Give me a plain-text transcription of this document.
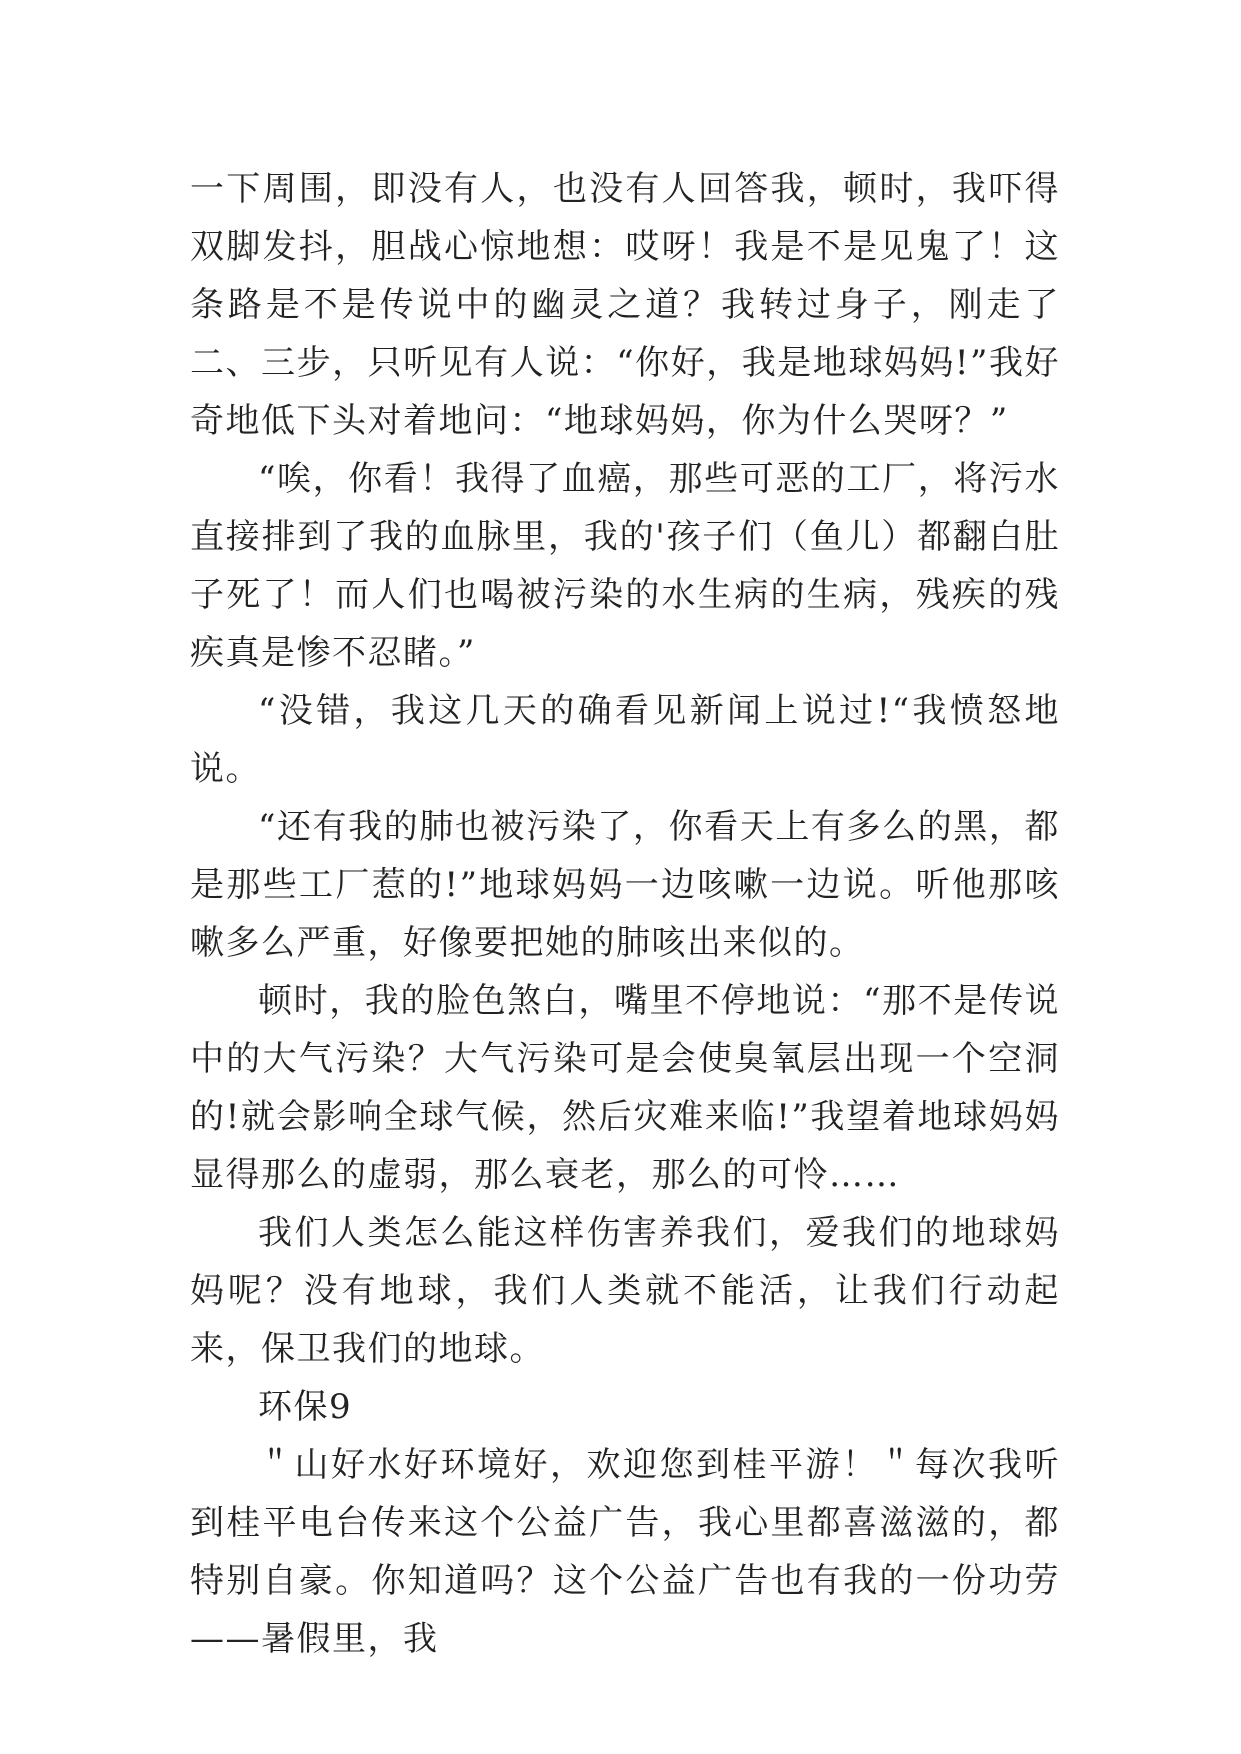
一下周围，即没有人，也没有人回答我，顿时，我吓得双脚发抖，胆战心惊地想：哎呀！我是不是见鬼了！这条路是不是传说中的幽灵之道？我转过身子，刚走了二、三步，只听见有人说：“你好，我是地球妈妈!”我好奇地低下头对着地问：“地球妈妈，你为什么哭呀？”

“唉，你看！我得了血癌，那些可恶的工厂，将污水直接排到了我的血脉里，我的'孩子们（鱼儿）都翻白肚子死了！而人们也喝被污染的水生病的生病，残疾的残疾真是惨不忍睹。”

“没错，我这几天的确看见新闻上说过!“我愤怒地说。

“还有我的肺也被污染了，你看天上有多么的黑，都是那些工厂惹的!”地球妈妈一边咳嗽一边说。听他那咳嗽多么严重，好像要把她的肺咳出来似的。

顿时，我的脸色煞白，嘴里不停地说：“那不是传说中的大气污染？大气污染可是会使臭氧层出现一个空洞的!就会影响全球气候，然后灾难来临!”我望着地球妈妈显得那么的虚弱，那么衰老，那么的可怜……

我们人类怎么能这样伤害养我们，爱我们的地球妈妈呢？没有地球，我们人类就不能活，让我们行动起来，保卫我们的地球。

环保9

＂山好水好环境好，欢迎您到桂平游！＂每次我听到桂平电台传来这个公益广告，我心里都喜滋滋的，都特别自豪。你知道吗？这个公益广告也有我的一份功劳——暑假里，我
